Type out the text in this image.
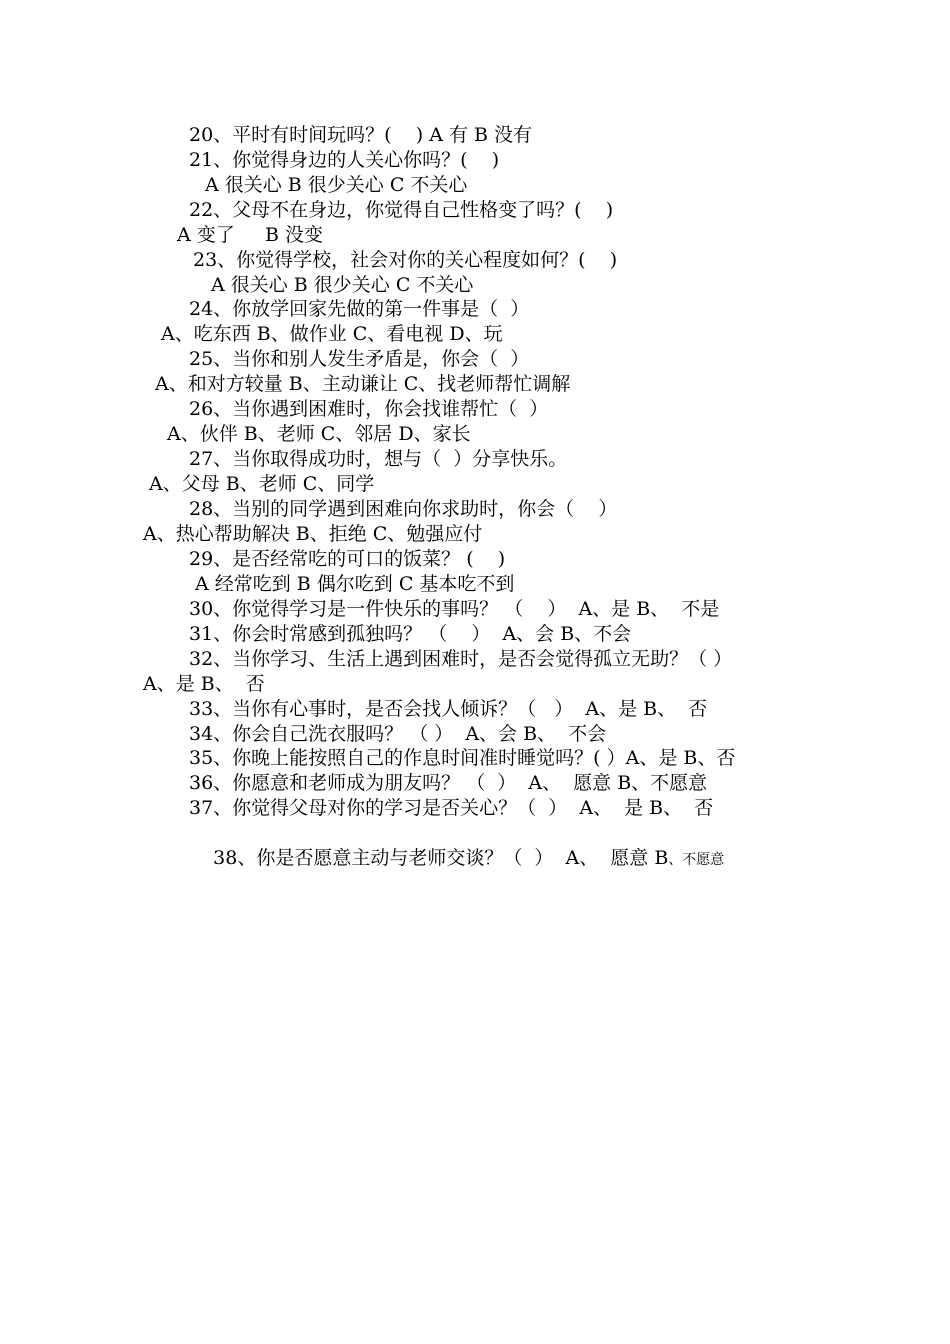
20、平时有时间玩吗？(    ) A 有 B 没有
21、你觉得身边的人关心你吗？(    )
A 很关心 B 很少关心 C 不关心
22、父母不在身边，你觉得自己性格变了吗？(    )
A 变了     B 没变
23、你觉得学校，社会对你的关心程度如何？(    )
A 很关心 B 很少关心 C 不关心
24、你放学回家先做的第一件事是（  ）
A、吃东西 B、做作业 C、看电视 D、玩
25、当你和别人发生矛盾是，你会（  ）
A、和对方较量 B、主动谦让 C、找老师帮忙调解
26、当你遇到困难时，你会找谁帮忙（  ）
A、伙伴 B、老师 C、邻居 D、家长
27、当你取得成功时，想与（  ）分享快乐。
A、父母 B、老师 C、同学
28、当别的同学遇到困难向你求助时，你会（    ）
A、热心帮助解决 B、拒绝 C、勉强应付
29、是否经常吃的可口的饭菜？ (    )
A 经常吃到 B 偶尔吃到 C 基本吃不到
30、你觉得学习是一件快乐的事吗？ （    ）  A、是 B、  不是
31、你会时常感到孤独吗？ （    ）  A、会 B、不会
32、当你学习、生活上遇到困难时，是否会觉得孤立无助？（ ）
A、是 B、  否
33、当你有心事时，是否会找人倾诉？（   ）  A、是 B、  否
34、你会自己洗衣服吗？ （ ）  A、会 B、  不会
35、你晚上能按照自己的作息时间准时睡觉吗？( ）A、是 B、否
36、你愿意和老师成为朋友吗？ （  ）  A、  愿意 B、不愿意
37、你觉得父母对你的学习是否关心？（  ）  A、  是 B、  否

38、你是否愿意主动与老师交谈？（  ）  A、  愿意 B、不愿意
